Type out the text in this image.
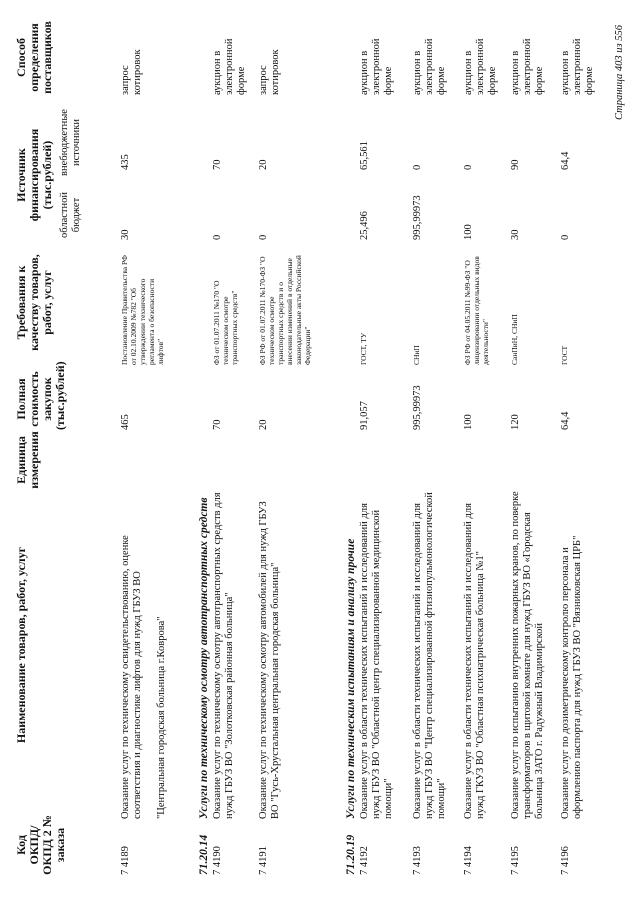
Код ОКПД/ ОКПД 2 № заказа
Наименование товаров, работ, услуг
Единица измерения
Полная стоимость закупок (тыс.рублей)
Требования к качеству товаров, работ, услуг
Источник финансирования (тыс.рублей)
областной бюджет
внебюджетные источники
Способ определения поставщиков
7 4189
Оказание услуг по техническому освидетельствованию, оценке соответствия и диагностике лифтов для нужд ГБУЗ ВО "Центральная городская больница г.Коврова"
465
Постановление Правительства РФ от 02.10.2009 №782 "Об утверждении технического регламента о безопасности лифтов"
30
435
запрос котировок
71.20.14Услуги по техническому осмотру автотранспортных средств
7 4190
Оказание услуг по техническому осмотру автотранспортных средств для нужд ГБУЗ ВО "Золотковская районная больница"
70
ФЗ от 01.07.2011 №170 "О техническом осмотре транспортных средств"
0
70
аукцион в электронной форме
7 4191
Оказание услуг по техническому осмотру автомобилей для нужд ГБУЗ ВО "Гусь-Хрустальная центральная городская больница"
20
ФЗ РФ от 01.07.2011 №170-ФЗ "О техническом осмотре транспортных средств и о внесении изменений в отдельные законодательные акты Российской Федерации"
0
20
запрос котировок
71.20.19Услуги по техническим испытаниям и анализу прочие
7 4192
Оказание услуг в области технических испытаний и исследований для нужд ГБУЗ ВО "Областной центр специализированной медицинской помощи"
91,057
ГОСТ, ТУ
25,496
65,561
аукцион в электронной форме
7 4193
Оказание услуг в области технических испытаний и исследований для нужд ГБУЗ ВО "Центр специализированной фтизиопульмонологической помощи"
995,99973
СНиП
995,99973
0
аукцион в электронной форме
7 4194
Оказание услуг в области технических испытаний и исследований для нужд ГКУЗ ВО "Областная психиатрическая больница №1"
100
ФЗ РФ от 04.05.2011 №99-ФЗ "О лицензировании отдельных видов деятельности"
100
0
аукцион в электронной форме
7 4195
Оказание услуг по испытанию внутренних пожарных кранов, по поверке трансформаторов в щитовой комнате для нужд ГБУЗ ВО «Городская больница ЗАТО г. Радужный Владимирской
120
СанПиН, СНиП
30
90
аукцион в электронной форме
7 4196
Оказание услуг по дозиметрическому контролю персонала и оформлению паспорта для нужд ГБУЗ ВО "Вязниковская ЦРБ"
64,4
ГОСТ
0
64,4
аукцион в электронной форме Страница 403 из 556
